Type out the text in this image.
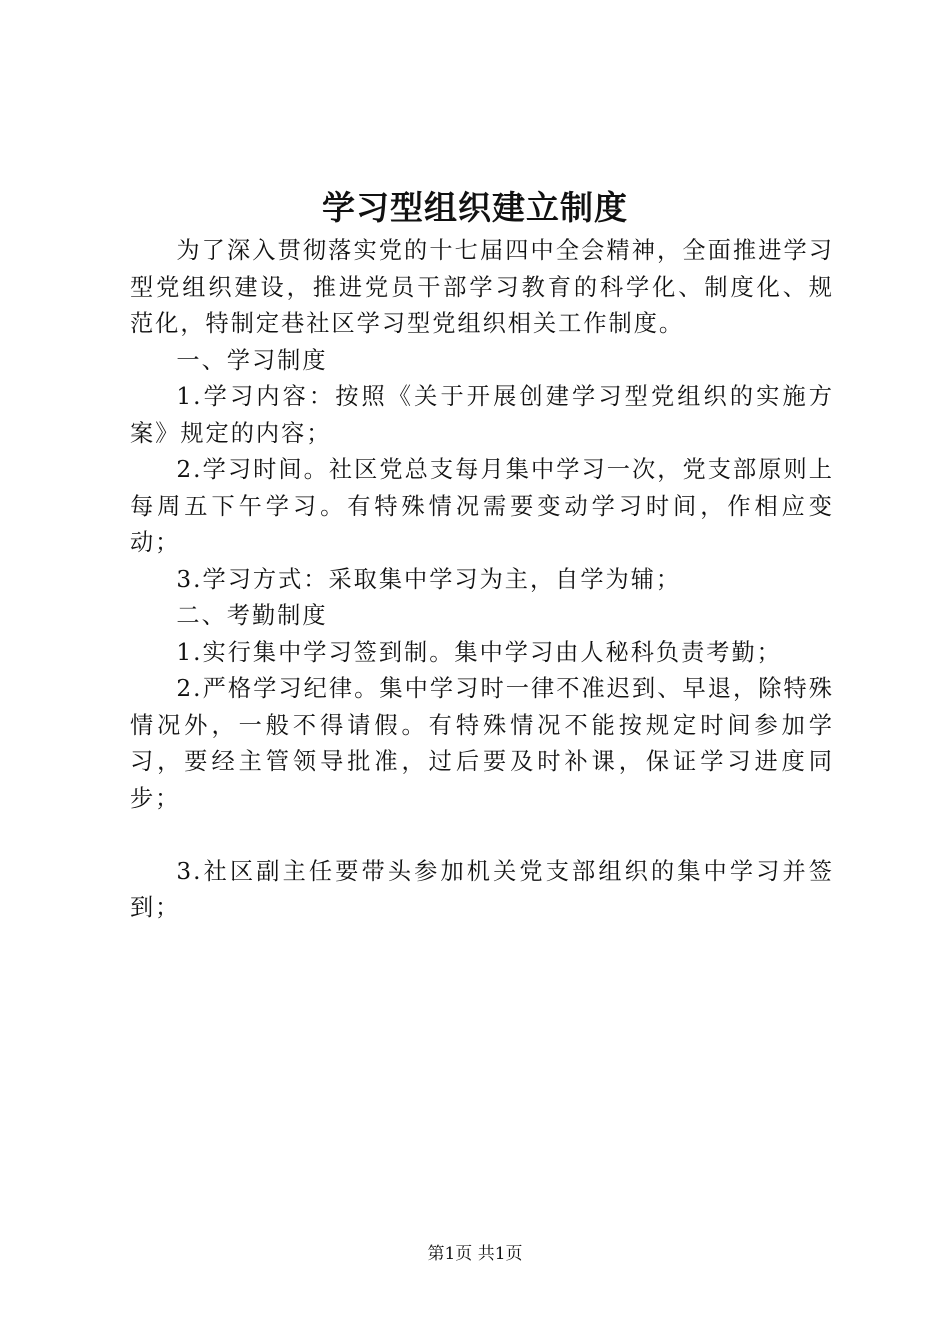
学习型组织建立制度

为了深入贯彻落实党的十七届四中全会精神，全面推进学习型党组织建设，推进党员干部学习教育的科学化、制度化、规范化，特制定巷社区学习型党组织相关工作制度。

一、学习制度

1.学习内容：按照《关于开展创建学习型党组织的实施方案》规定的内容；

2.学习时间。社区党总支每月集中学习一次，党支部原则上每周五下午学习。有特殊情况需要变动学习时间，作相应变动；

3.学习方式：采取集中学习为主，自学为辅；

二、考勤制度

1.实行集中学习签到制。集中学习由人秘科负责考勤；

2.严格学习纪律。集中学习时一律不准迟到、早退，除特殊情况外，一般不得请假。有特殊情况不能按规定时间参加学习，要经主管领导批准，过后要及时补课，保证学习进度同步；

3.社区副主任要带头参加机关党支部组织的集中学习并签到；

第1页 共1页
